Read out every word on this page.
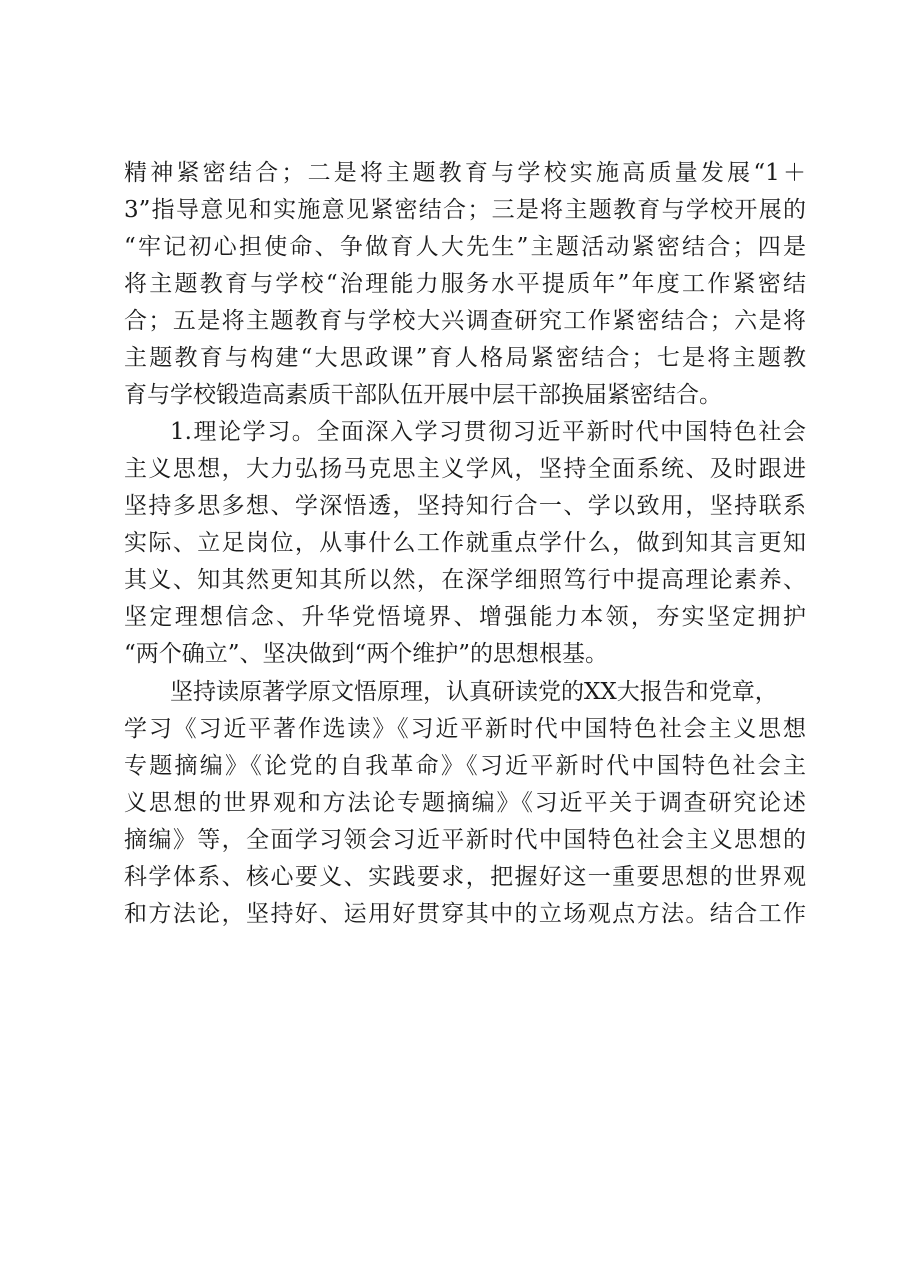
精神紧密结合；二是将主题教育与学校实施高质量发展“1＋
3”指导意见和实施意见紧密结合；三是将主题教育与学校开展的
“牢记初心担使命、争做育人大先生”主题活动紧密结合；四是
将主题教育与学校“治理能力服务水平提质年”年度工作紧密结
合；五是将主题教育与学校大兴调查研究工作紧密结合；六是将
主题教育与构建“大思政课”育人格局紧密结合；七是将主题教
育与学校锻造高素质干部队伍开展中层干部换届紧密结合。
1.理论学习。全面深入学习贯彻习近平新时代中国特色社会
主义思想，大力弘扬马克思主义学风，坚持全面系统、及时跟进
坚持多思多想、学深悟透，坚持知行合一、学以致用，坚持联系
实际、立足岗位，从事什么工作就重点学什么，做到知其言更知
其义、知其然更知其所以然，在深学细照笃行中提高理论素养、
坚定理想信念、升华党悟境界、增强能力本领，夯实坚定拥护
“两个确立”、坚决做到“两个维护”的思想根基。
坚持读原著学原文悟原理，认真研读党的XX大报告和党章，
学习《习近平著作选读》《习近平新时代中国特色社会主义思想
专题摘编》《论党的自我革命》《习近平新时代中国特色社会主
义思想的世界观和方法论专题摘编》《习近平关于调查研究论述
摘编》等，全面学习领会习近平新时代中国特色社会主义思想的
科学体系、核心要义、实践要求，把握好这一重要思想的世界观
和方法论，坚持好、运用好贯穿其中的立场观点方法。结合工作
